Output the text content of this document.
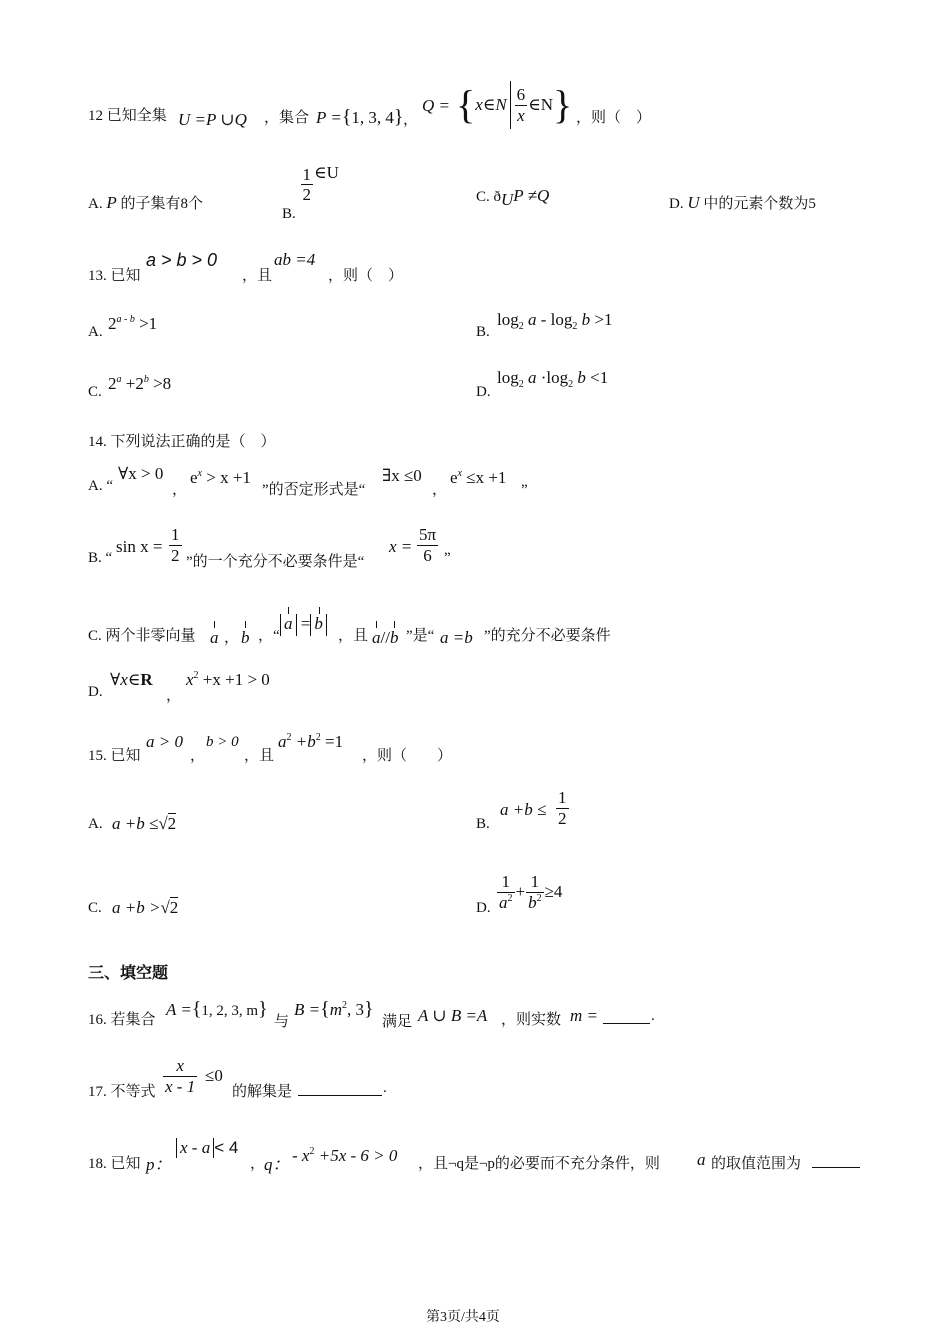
12 已知全集 U =P ∪Q ，集合 P ={1, 3, 4} ，
Q = {x∈N $\frac{6}{x}$ ∈N} ，则（　）
A. P 的子集有8个
B.
$\frac{1}{2}$ ∈U
C. $ð_UP \ne Q$	D. U 中的元素个数为5
13. 已知
a > b > 0
，且
ab =4
，则（　）
A. $2^{a - b} >1$	B.
$\log_2 a - \log_2 b >1$
C. $2^a +2^b >8$	D.
$\log_2 a \cdot\log_2$ b <1
14. 下列说法正确的是（　）
A. “
∀x > 0
，
$e^x > x +1$
”的否定形式是“
∃x ≤0
，
$e^x \le x +1$ „
B. “
$\sin x = \frac{1}{2}$ ”的一个充分不必要条件是“
$x = \frac{5\pi}{6}$ ”
C. 两个非零向量 a ， b ，“
a = b
，且 a//b ”是“ a =b ”的充分不必要条件
D.
∀x∈R
，
$x^2 +x +1 > 0$
15. 已知
a > 0
，
b > 0
，且
$a^2 +b^2 =1$
，则（　　）
A. a +b ≤√2	B.
$a +b \le \frac{1}{2}$
C. a +b >√2	D. $\frac{1}{a^2} + \frac{1}{b^2} \ge 4$
三、填空题
16. 若集合
A ={1, 2, 3, m}
与
$B =\{m^2$, 3}
满足 A ∪ B =A ，则实数 m =	.
17. 不等式 $\frac{x}{x - 1} \le 0$
的解集是	.
18. 已知 p：
x - a < 4
，
q： - $x^2 +5x - 6 > 0$ ，且¬q是¬p的必要而不充分条件，则 a 的取值范围为
第3页/共4页
